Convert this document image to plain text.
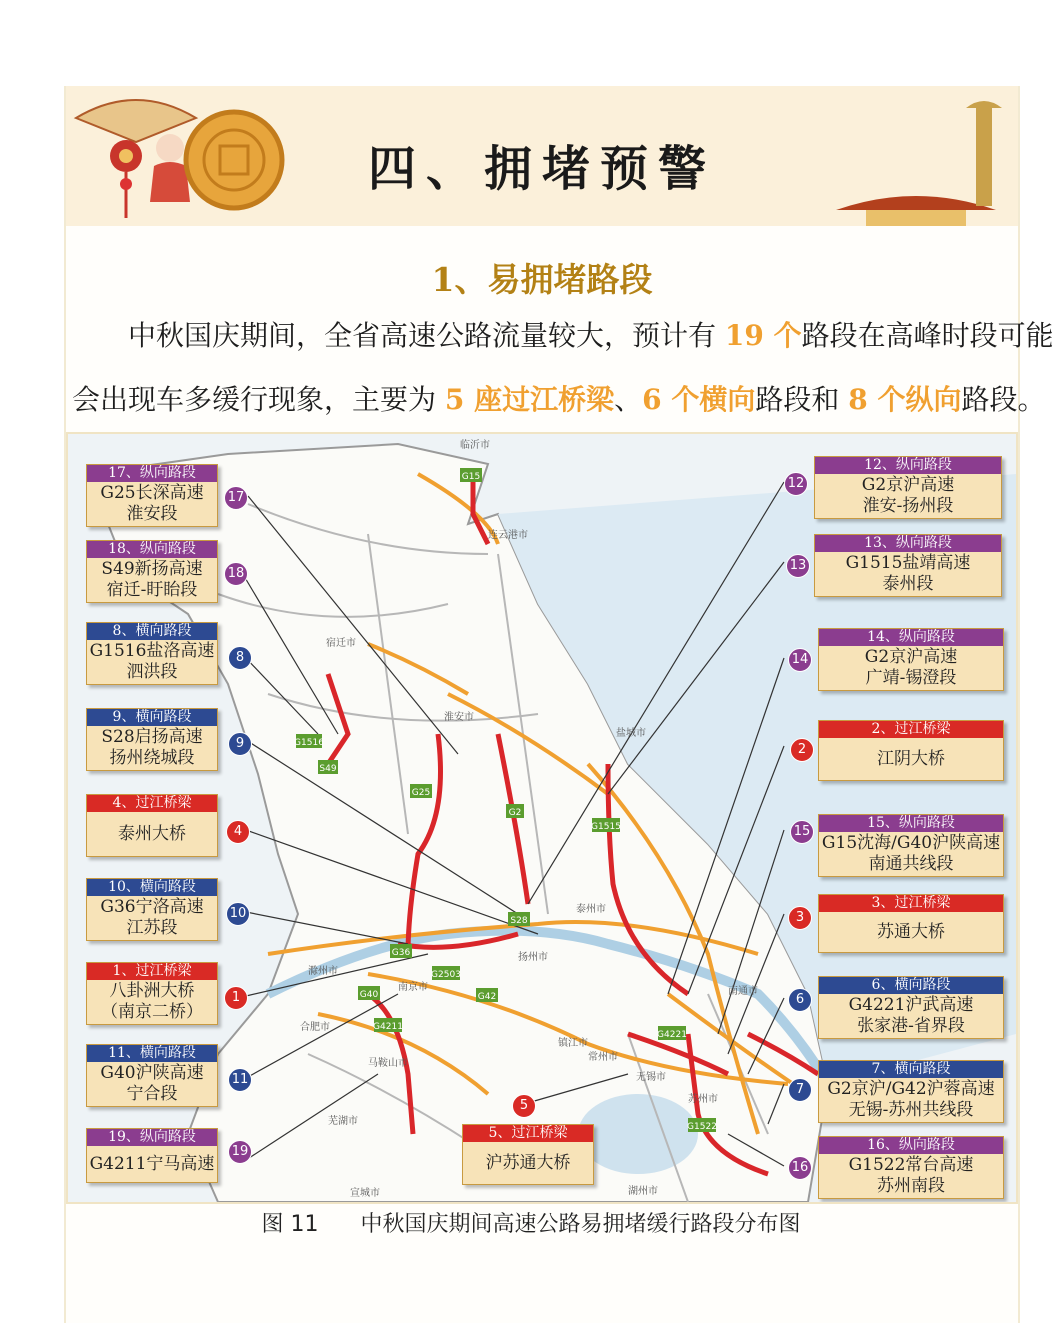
四、拥堵预警
1、易拥堵路段
中秋国庆期间，全省高速公路流量较大，预计有 19 个路段在高峰时段可能
会出现车多缓行现象，主要为 5 座过江桥梁、6 个横向路段和 8 个纵向路段。
G15
G1516
S49
G25
G2
G1515
S28
G36
G2503
G42
G40
G4211
G4221
G1522
临沂市
连云港市
宿迁市
淮安市
盐城市
泰州市
扬州市
南京市
镇江市
常州市
无锡市
苏州市
南通市
滁州市
合肥市
马鞍山市
芜湖市
宣城市	湖州市
17、纵向路段
G25长深高速
淮安段
17
18、纵向路段
S49新扬高速
宿迁-盱眙段
18
8、横向路段
G1516盐洛高速
泗洪段
8
9、横向路段
S28启扬高速
扬州绕城段
9
4、过江桥梁
泰州大桥	4
10、横向路段
G36宁洛高速
江苏段
10
1、过江桥梁
八卦洲大桥
（南京二桥）
1
11、横向路段
G40沪陕高速
宁合段
11
19、纵向路段
G4211宁马高速
19
12、纵向路段
G2京沪高速
淮安-扬州段
12
13、纵向路段
G1515盐靖高速
泰州段
13
14、纵向路段
G2京沪高速
广靖-锡澄段
14
2、过江桥梁
江阴大桥
2
15、纵向路段
G15沈海/G40沪陕高速
南通共线段
15
3、过江桥梁
苏通大桥
3
6、横向路段
G4221沪武高速
张家港-省界段
6
7、横向路段
G2京沪/G42沪蓉高速
无锡-苏州共线段
7
16、纵向路段
G1522常台高速
苏州南段
16
5、过江桥梁
沪苏通大桥
5
图 11 中秋国庆期间高速公路易拥堵缓行路段分布图
